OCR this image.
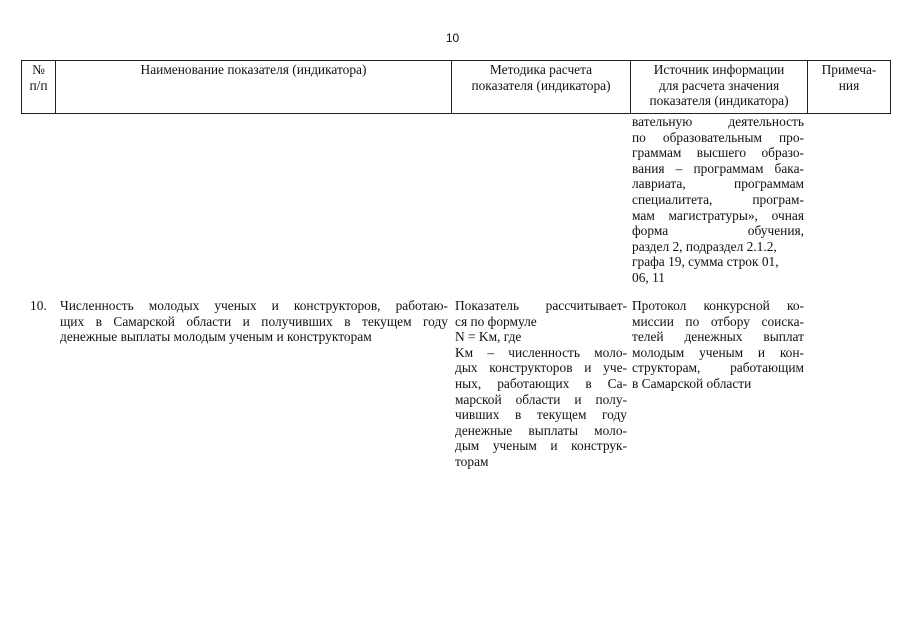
10
№
п/п
Наименование показателя (индикатора)	Методика расчета
показателя (индикатора)
Источник информации
для расчета значения
показателя (индикатора)
Примеча-
ния
вательную деятельность
по образовательным про-
граммам высшего образо-
вания – программам бака-
лавриата, программам
специалитета, програм-
мам магистратуры», очная
форма обучения,
раздел 2, подраздел 2.1.2,
графа 19, сумма строк 01,
06, 11
10. Численность молодых ученых и конструкторов, работаю-
щих в Самарской области и получивших в текущем году
денежные выплаты молодым ученым и конструкторам
Показатель рассчитывает-
ся по формуле
N = Kм, где
Kм – численность моло-
дых конструкторов и уче-
ных, работающих в Са-
марской области и полу-
чивших в текущем году
денежные выплаты моло-
дым ученым и конструк-
торам
Протокол конкурсной ко-
миссии по отбору соиска-
телей денежных выплат
молодым ученым и кон-
структорам, работающим
в Самарской области
